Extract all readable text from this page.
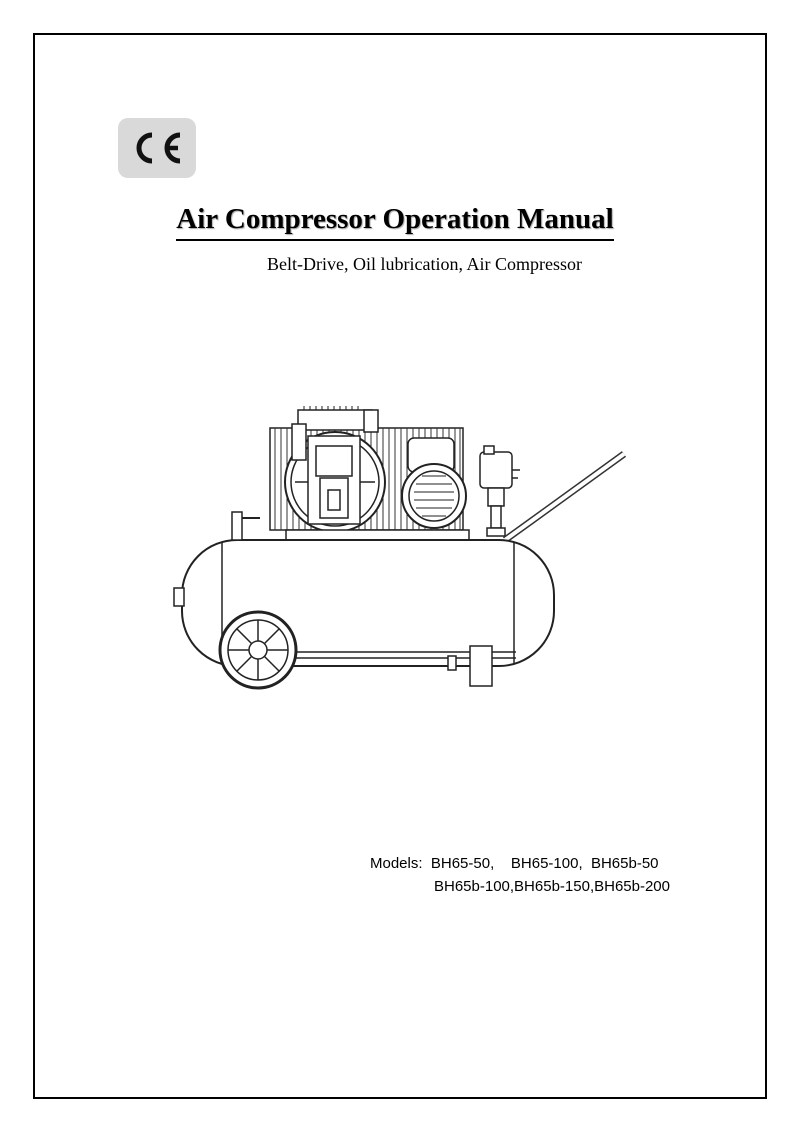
Air Compressor Operation Manual
Belt-Drive, Oil lubrication, Air Compressor
Models: BH65-50,    BH65-100,  BH65b-50
BH65b-100,BH65b-150,BH65b-200
